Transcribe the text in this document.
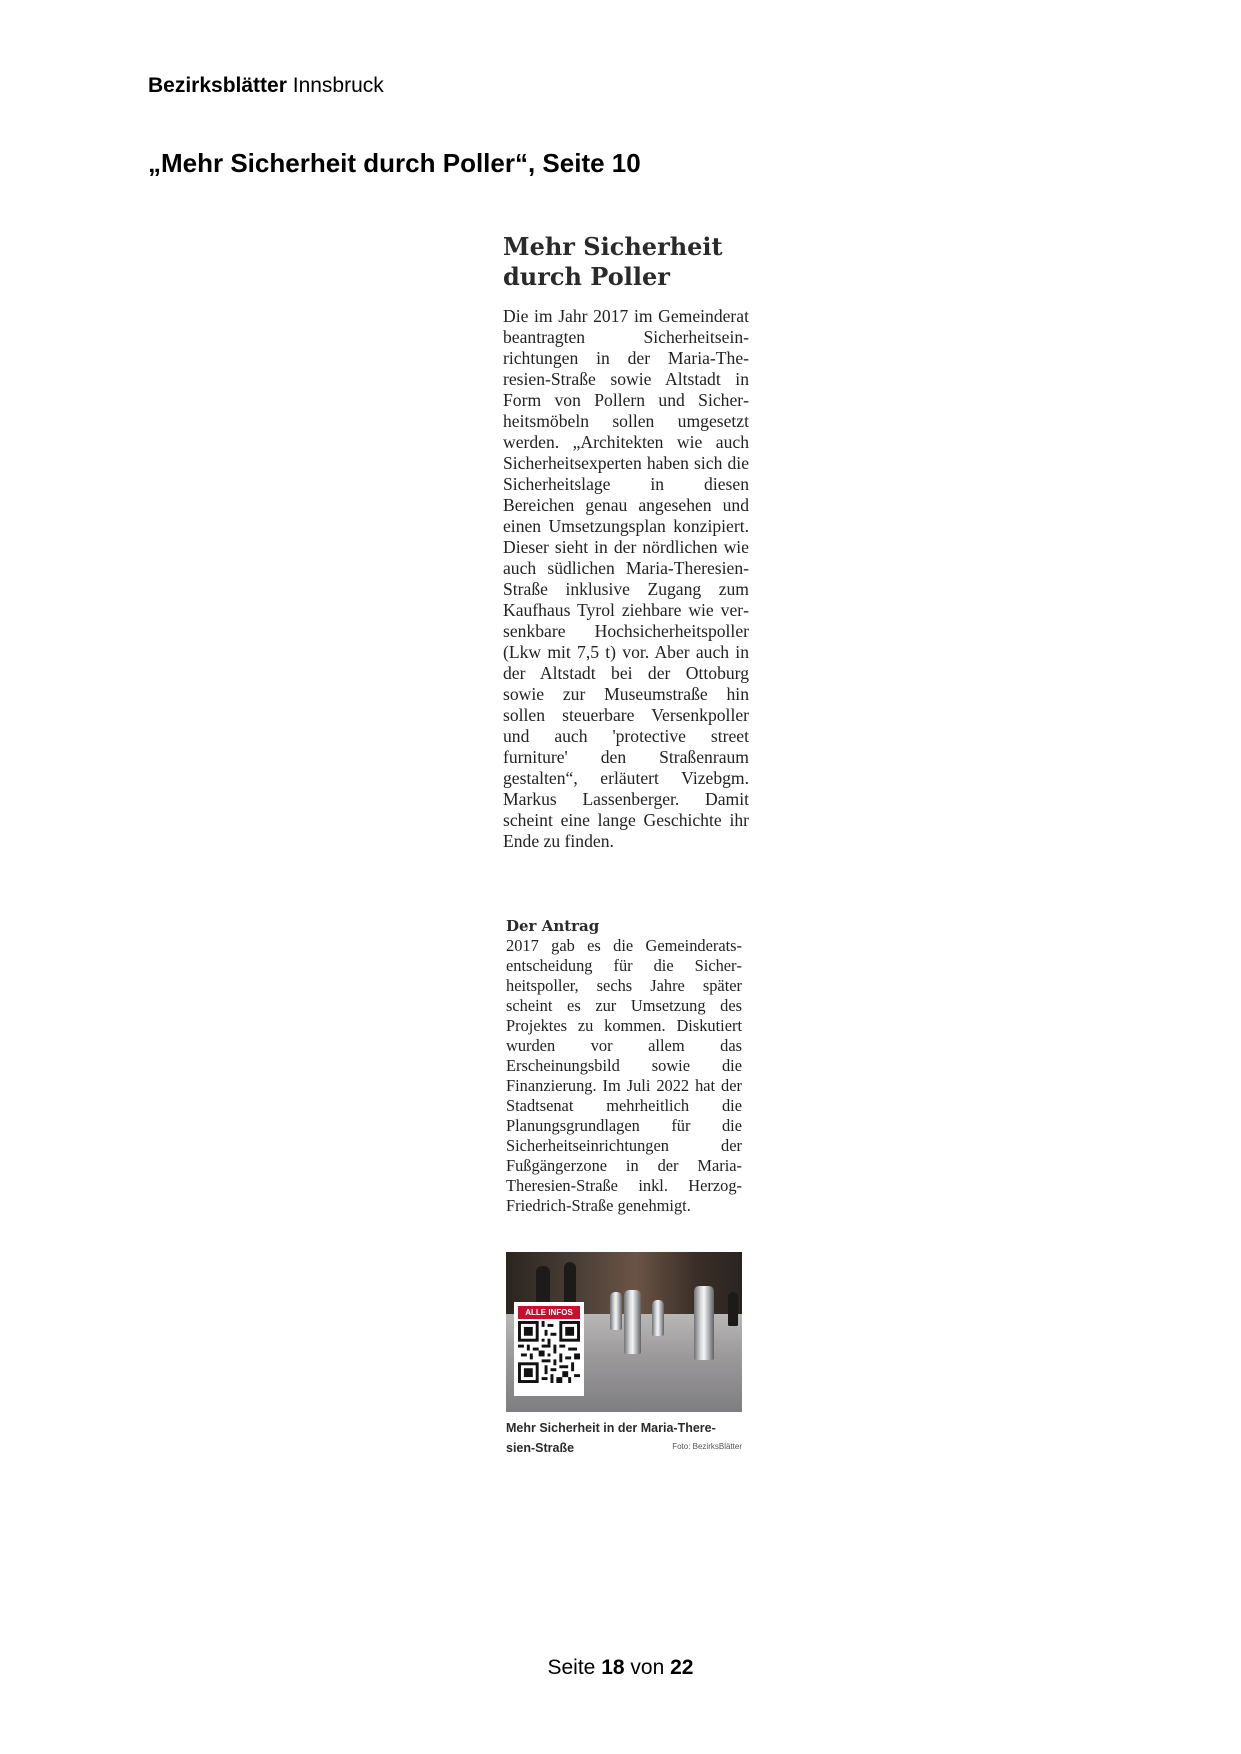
Bezirksblätter Innsbruck
„Mehr Sicherheit durch Poller“, Seite 10
Mehr Sicherheit
durch Poller

Die im Jahr 2017 im Gemeinderat beantragten Sicherheitseinrichtungen in der Maria-Theresien-Straße sowie Altstadt in Form von Pollern und Sicherheitsmöbeln sollen umgesetzt werden. „Architekten wie auch Sicherheitsexperten haben sich die Sicherheitslage in diesen Bereichen genau angesehen und einen Umsetzungsplan konzipiert. Dieser sieht in der nördlichen wie auch südlichen Maria-Theresien-Straße inklusive Zugang zum Kaufhaus Tyrol ziehbare wie versenkbare Hochsicherheitspoller (Lkw mit 7,5 t) vor. Aber auch in der Altstadt bei der Ottoburg sowie zur Museumstraße hin sollen steuerbare Versenkpoller und auch 'protective street furniture' den Straßenraum gestalten“, erläutert Vizebgm. Markus Lassenberger. Damit scheint eine lange Geschichte ihr Ende zu finden.

Der Antrag

2017 gab es die Gemeinderatsentscheidung für die Sicherheitspoller, sechs Jahre später scheint es zur Umsetzung des Projektes zu kommen. Diskutiert wurden vor allem das Erscheinungsbild sowie die Finanzierung. Im Juli 2022 hat der Stadtsenat mehrheitlich die Planungsgrundlagen für die Sicherheitseinrichtungen der Fußgängerzone in der Maria-Theresien-Straße inkl. Herzog-Friedrich-Straße genehmigt.

ALLE INFOS
Mehr Sicherheit in der Maria-There-
sien-Straße	Foto: BezirksBlätter
Seite 18 von 22
